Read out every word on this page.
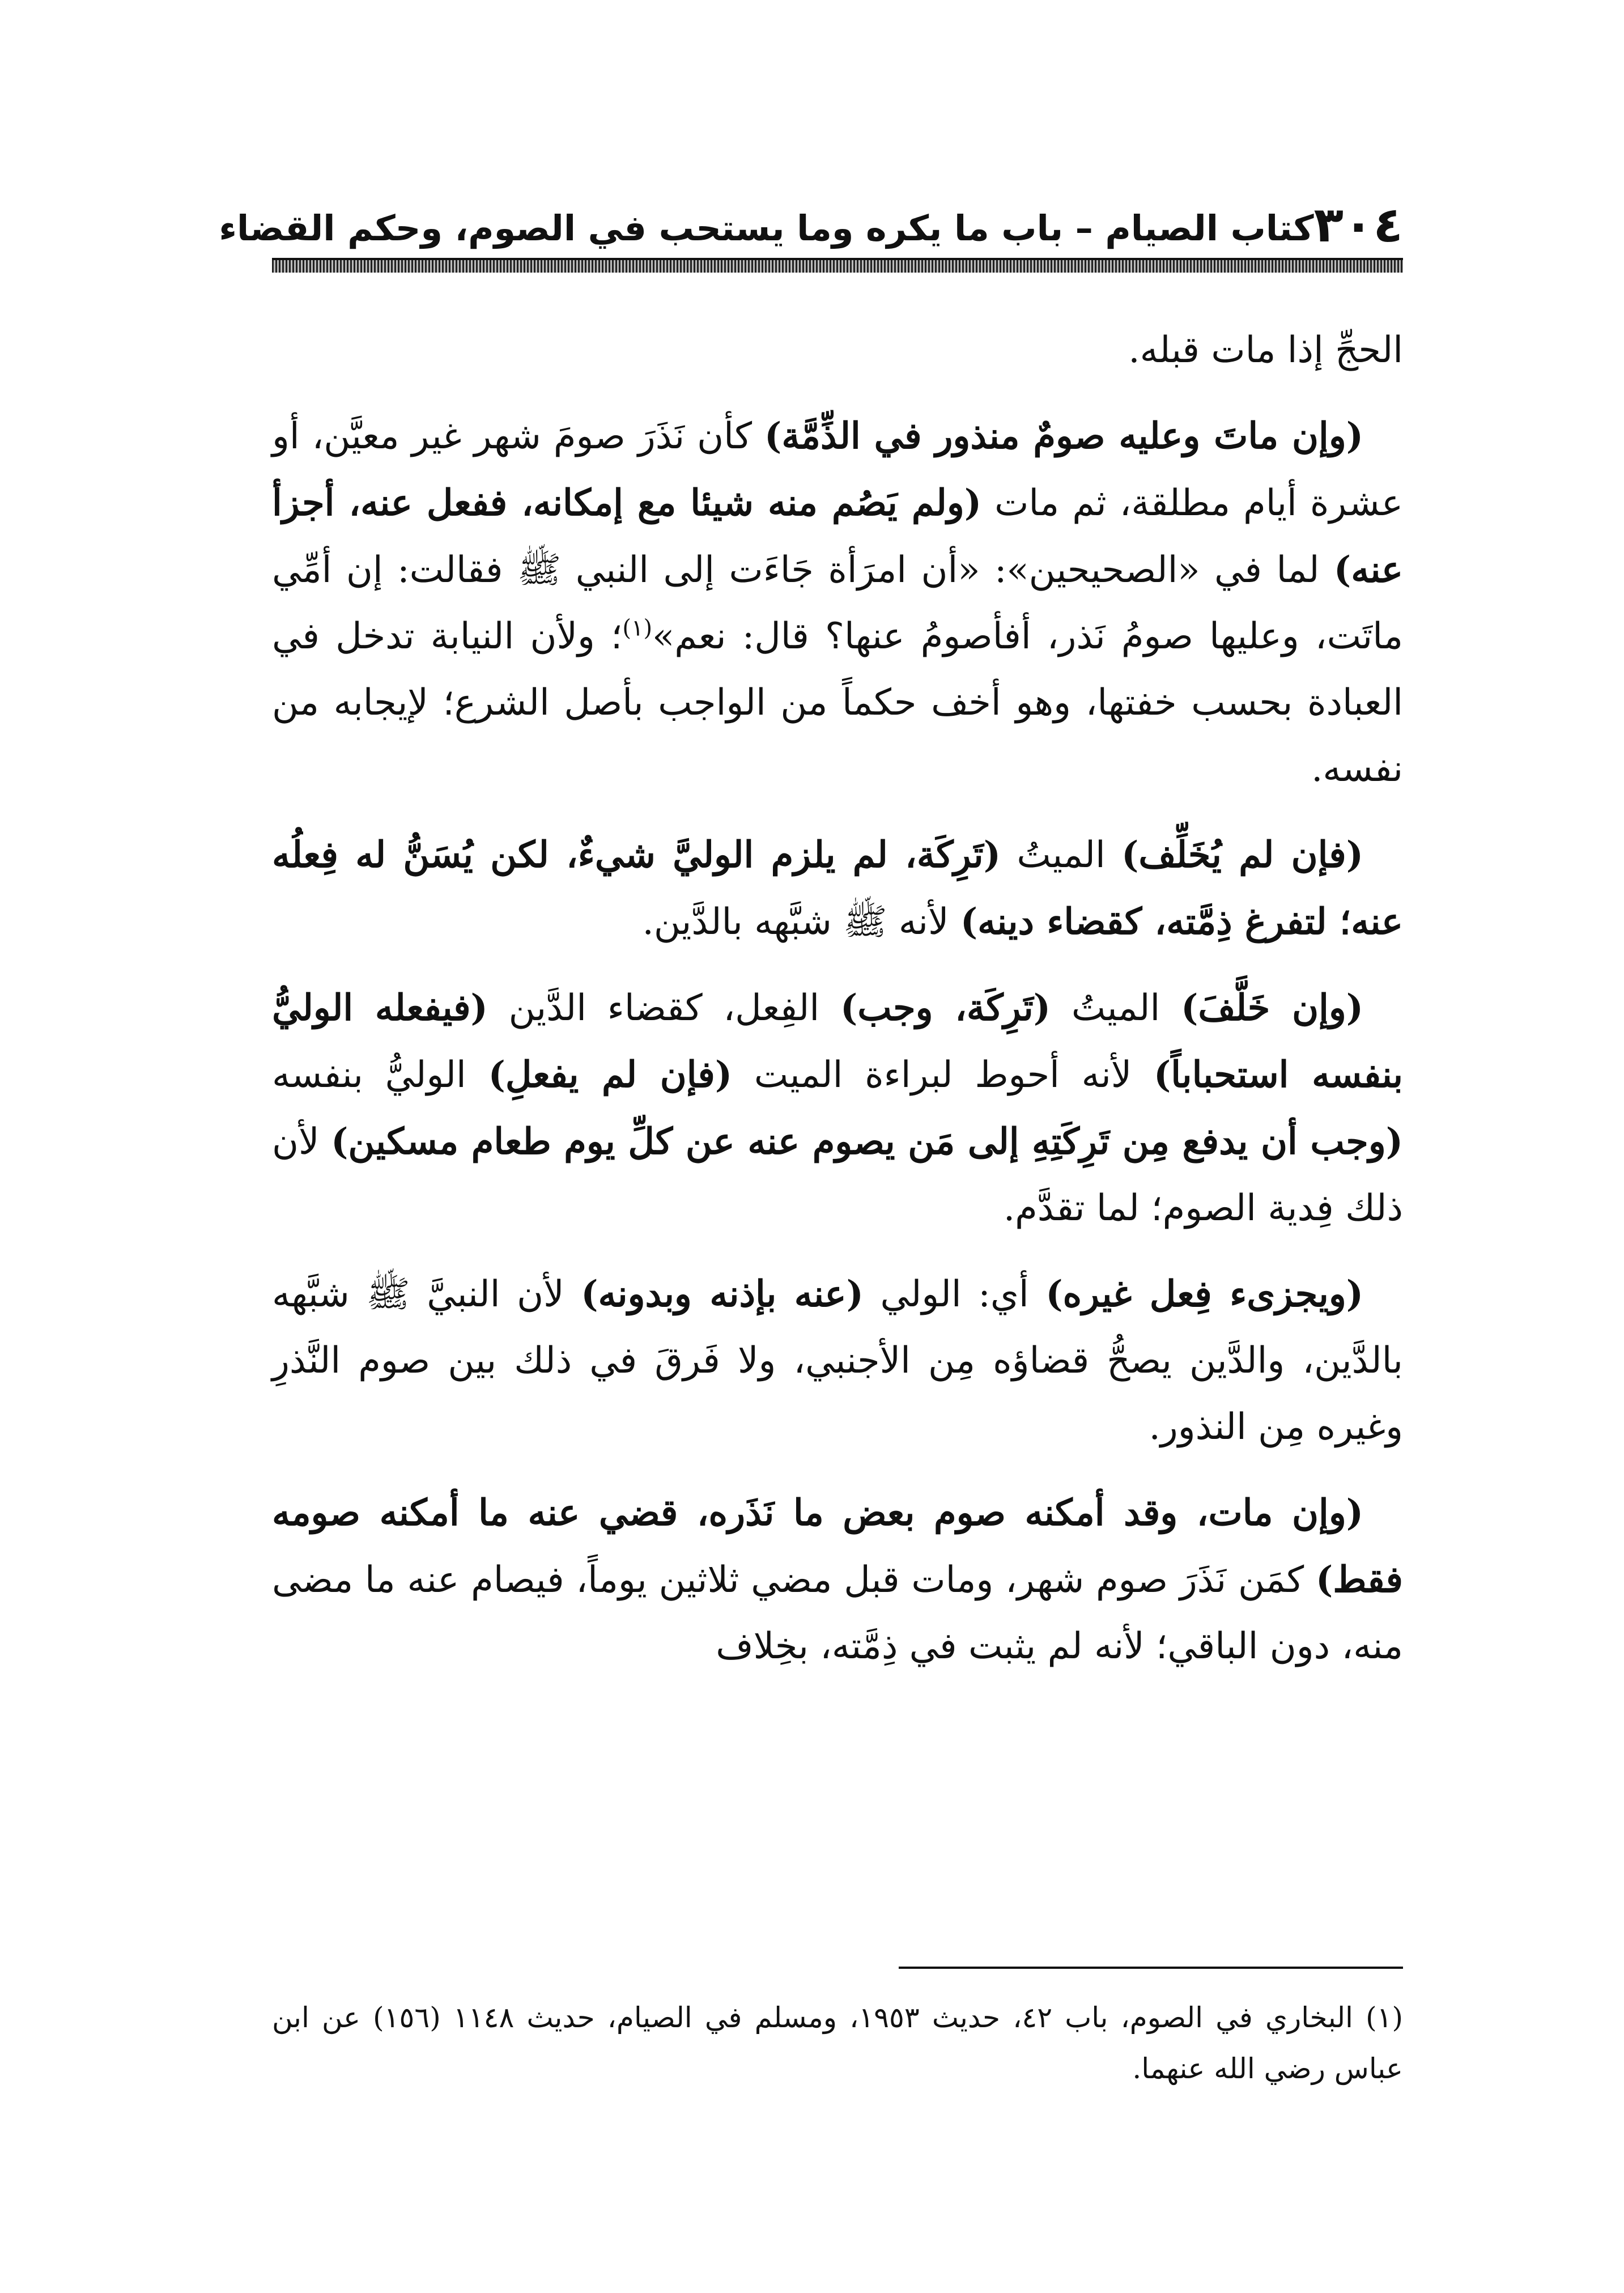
٣٠٤
كتاب الصيام – باب ما يكره وما يستحب في الصوم، وحكم القضاء

الحجِّ إذا مات قبله.

(وإن ماتَ وعليه صومٌ منذور في الذِّمَّة) كأن نَذَرَ صومَ شهر غير معيَّن، أو عشرة أيام مطلقة، ثم مات (ولم يَصُم منه شيئا مع إمكانه، ففعل عنه، أجزأ عنه) لما في «الصحيحين»: «أن امرَأة جَاءَت إلى النبي ﷺ فقالت: إن أمِّي ماتَت، وعليها صومُ نَذر، أفأصومُ عنها؟ قال: نعم»$^{(١)}$؛ ولأن النيابة تدخل في العبادة بحسب خفتها، وهو أخف حكماً من الواجب بأصل الشرع؛ لإيجابه من نفسه.

(فإن لم يُخَلِّف) الميتُ (تَرِكَة، لم يلزم الوليَّ شيءٌ، لكن يُسَنُّ له فِعلُه عنه؛ لتفرغ ذِمَّته، كقضاء دينه) لأنه ﷺ شبَّهه بالدَّين.

(وإن خَلَّفَ) الميتُ (تَرِكَة، وجب) الفِعل، كقضاء الدَّين (فيفعله الوليُّ بنفسه استحباباً) لأنه أحوط لبراءة الميت (فإن لم يفعلِ) الوليُّ بنفسه (وجب أن يدفع مِن تَرِكَتِهِ إلى مَن يصوم عنه عن كلِّ يوم طعام مسكين) لأن ذلك فِدية الصوم؛ لما تقدَّم.

(ويجزىء فِعل غيره) أي: الولي (عنه بإذنه وبدونه) لأن النبيَّ ﷺ شبَّهه بالدَّين، والدَّين يصحُّ قضاؤه مِن الأجنبي، ولا فَرقَ في ذلك بين صوم النَّذرِ وغيره مِن النذور.

(وإن مات، وقد أمكنه صوم بعض ما نَذَره، قضي عنه ما أمكنه صومه فقط) كمَن نَذَرَ صوم شهر، ومات قبل مضي ثلاثين يوماً، فيصام عنه ما مضى منه، دون الباقي؛ لأنه لم يثبت في ذِمَّته، بخِلاف

(١) البخاري في الصوم، باب ٤٢، حديث ١٩٥٣، ومسلم في الصيام، حديث ١١٤٨ (١٥٦) عن ابن عباس رضي الله عنهما.
